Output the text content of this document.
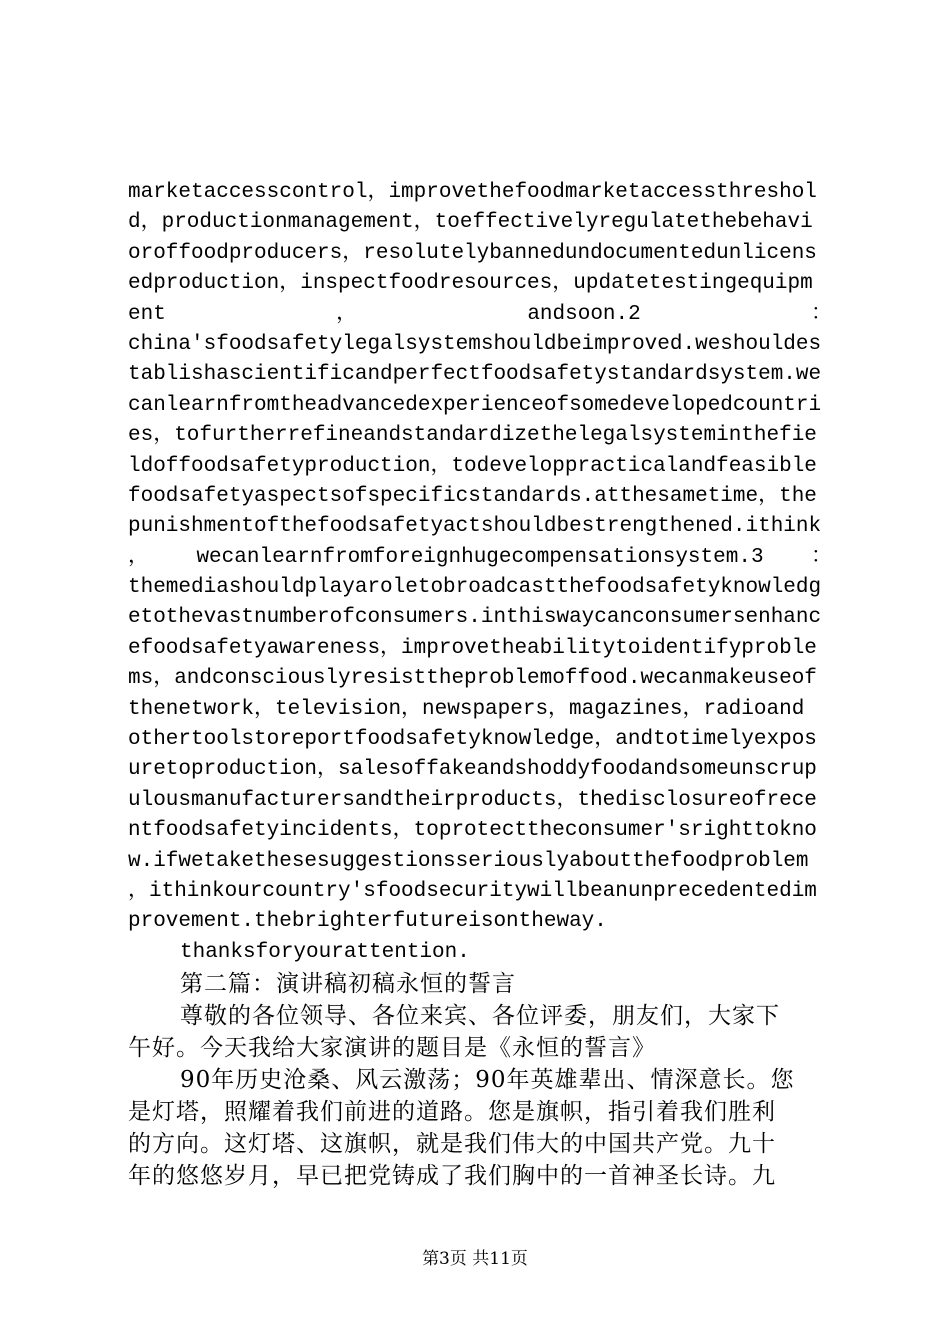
marketaccesscontrol，improvethefoodmarketaccessthreshol
d，productionmanagement，toeffectivelyregulatethebehavi
oroffoodproducers，resolutelybannedundocumentedunlicens
edproduction，inspectfoodresources，updatetestingequipm
ent	，	andsoon.2	：
china'sfoodsafetylegalsystemshouldbeimproved.weshouldes
tablishascientificandperfectfoodsafetystandardsystem.we
canlearnfromtheadvancedexperienceofsomedevelopedcountri
es，tofurtherrefineandstandardizethelegalsysteminthefie
ldoffoodsafetyproduction，todeveloppracticalandfeasible
foodsafetyaspectsofspecificstandards.atthesametime，the
punishmentofthefoodsafetyactshouldbestrengthened.ithink
， wecanlearnfromforeignhugecompensationsystem.3 ：
themediashouldplayaroletobroadcastthefoodsafetyknowledg
etothevastnumberofconsumers.inthiswaycanconsumersenhanc
efoodsafetyawareness，improvetheabilitytoidentifyproble
ms，andconsciouslyresisttheproblemoffood.wecanmakeuseof
thenetwork，television，newspapers，magazines，radioand
othertoolstoreportfoodsafetyknowledge，andtotimelyexpos
uretoproduction，salesoffakeandshoddyfoodandsomeunscrup
ulousmanufacturersandtheirproducts，thedisclosureofrece
ntfoodsafetyincidents，toprotecttheconsumer'srighttokno
w.ifwetakethesesuggestionsseriouslyaboutthefoodproblem
，ithinkourcountry'sfoodsecuritywillbeanunprecedentedim
provement.thebrighterfutureisontheway.
thanksforyourattention.
第二篇：演讲稿初稿永恒的誓言
尊敬的各位领导、各位来宾、各位评委，朋友们，大家下
午好。今天我给大家演讲的题目是《永恒的誓言》
90年历史沧桑、风云激荡；90年英雄辈出、情深意长。您
是灯塔，照耀着我们前进的道路。您是旗帜，指引着我们胜利
的方向。这灯塔、这旗帜，就是我们伟大的中国共产党。九十
年的悠悠岁月，早已把党铸成了我们胸中的一首神圣长诗。九
第3页 共11页
